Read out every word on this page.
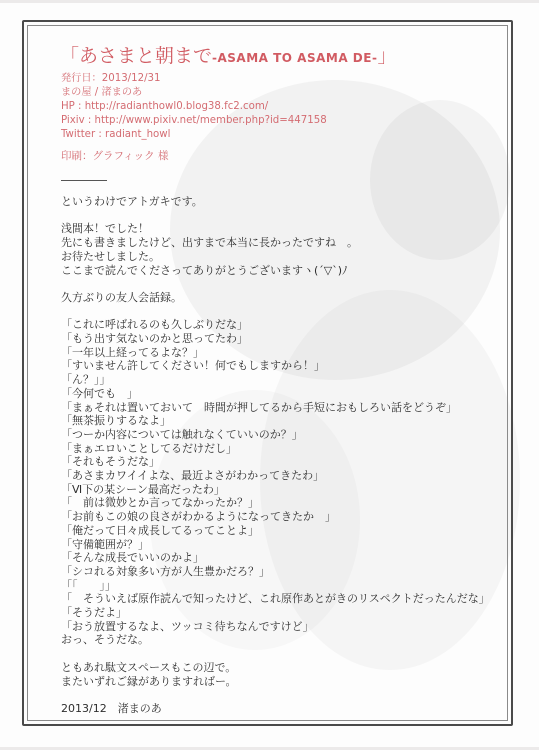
「あさまと朝まで-ASAMA TO ASAMA DE-」
発行日：2013/12/31
まの屋 / 渚まのあ
HP : http://radianthowl0.blog38.fc2.com/
Pixiv : http://www.pixiv.net/member.php?id=447158
Twitter : radiant_howl
印刷：グラフィック 様
というわけでアトガキです。
浅間本！でした！
先にも書きましたけど、出すまで本当に長かったですね　。
お待たせしました。
ここまで読んでくださってありがとうございますヽ(´▽`)ﾉ
久方ぶりの友人会話録。
「これに呼ばれるのも久しぶりだな」
「もう出す気ないのかと思ってたわ」
「一年以上経ってるよな？」
「すいません許してください！何でもしますから！」
「ん？」」
「今何でも　」
「まぁそれは置いておいて　時間が押してるから手短におもしろい話をどうぞ」
「無茶振りするなよ」
「つーか内容については触れなくていいのか？」
「まぁエロいことしてるだけだし」
「それもそうだな」
「あさまカワイイよな、最近よさがわかってきたわ」
「Ⅵ下の某シーン最高だったわ」
「　前は微妙とか言ってなかったか？」
「お前もこの娘の良さがわかるようになってきたか　」
「俺だって日々成長してるってことよ」
「守備範囲が？」
「そんな成長でいいのかよ」
「シコれる対象多い方が人生豊かだろ？」
「「　　」」
「　そういえば原作読んで知ったけど、これ原作あとがきのリスペクトだったんだな」
「そうだよ」
「おう放置するなよ、ツッコミ待ちなんですけど」
おっ、そうだな。
ともあれ駄文スペースもこの辺で。
またいずれご縁がありますればー。
2013/12　渚まのあ
